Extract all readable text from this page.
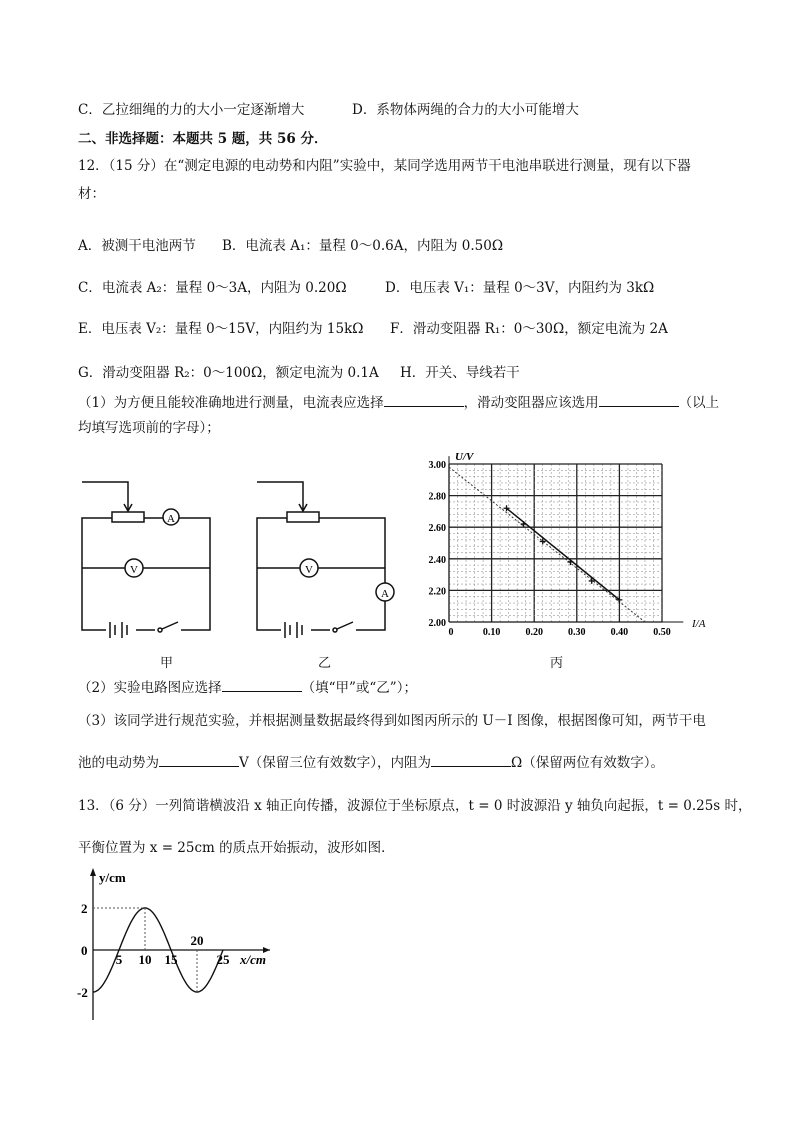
C．乙拉细绳的力的大小一定逐渐增大	D．系物体两绳的合力的大小可能增大
二、非选择题：本题共 5 题，共 56 分．
12．（15 分）在“测定电源的电动势和内阻”实验中，某同学选用两节干电池串联进行测量，现有以下器
材：
A．被测干电池两节 B．电流表 A₁：量程 0～0.6A，内阻为 0.50Ω
C．电流表 A₂：量程 0～3A，内阻为 0.20Ω	D．电压表 V₁：量程 0～3V，内阻约为 3kΩ
E．电压表 V₂：量程 0～15V，内阻约为 15kΩ F．滑动变阻器 R₁：0～30Ω，额定电流为 2A
G．滑动变阻器 R₂：0～100Ω，额定电流为 0.1A H．开关、导线若干
（1）为方便且能较准确地进行测量，电流表应选择	，滑动变阻器应该选用	（以上
均填写选项前的字母）；
A
V	V
A
U/V
I/A
2.00
2.20
2.40
2.60
2.80
3.00
0	0.10	0.20	0.30	0.40	0.50
甲	乙	丙
（2）实验电路图应选择	（填“甲”或“乙”）；
（3）该同学进行规范实验，并根据测量数据最终得到如图丙所示的 U－I 图像，根据图像可知，两节干电
池的电动势为	V（保留三位有效数字），内阻为	Ω（保留两位有效数字）。
13．（6 分）一列简谐横波沿 x 轴正向传播，波源位于坐标原点，t = 0 时波源沿 y 轴负向起振，t = 0.25s 时，
平衡位置为 x = 25cm 的质点开始振动，波形如图．
y/cm
2
0
-2
5 10 15
20
25 x/cm
